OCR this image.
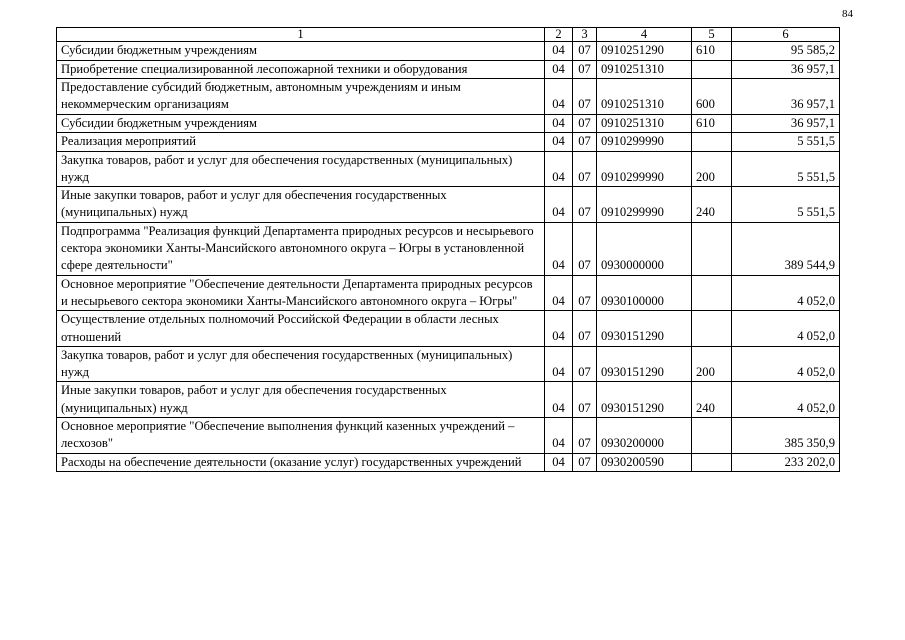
84
1	2	3	4	5	6
Субсидии бюджетным учреждениям	04	07	0910251290	610	95 585,2
Приобретение специализированной лесопожарной техники и оборудования	04	07	0910251310		36 957,1
Предоставление субсидий бюджетным, автономным учреждениям и иным некоммерческим организациям	04	07	0910251310	600	36 957,1
Субсидии бюджетным учреждениям	04	07	0910251310	610	36 957,1
Реализация мероприятий	04	07	0910299990		5 551,5
Закупка товаров, работ и услуг для обеспечения государственных (муниципальных) нужд	04	07	0910299990	200	5 551,5
Иные закупки товаров, работ и услуг для обеспечения государственных (муниципальных) нужд	04	07	0910299990	240	5 551,5
Подпрограмма "Реализация функций Департамента природных ресурсов и несырьевого сектора экономики Ханты-Мансийского автономного округа – Югры в установленной сфере деятельности"	04	07	0930000000		389 544,9
Основное мероприятие "Обеспечение деятельности Департамента природных ресурсов и несырьевого сектора экономики Ханты-Мансийского автономного округа – Югры"	04	07	0930100000		4 052,0
Осуществление отдельных полномочий Российской Федерации в области лесных отношений	04	07	0930151290		4 052,0
Закупка товаров, работ и услуг для обеспечения государственных (муниципальных) нужд	04	07	0930151290	200	4 052,0
Иные закупки товаров, работ и услуг для обеспечения государственных (муниципальных) нужд	04	07	0930151290	240	4 052,0
Основное мероприятие "Обеспечение выполнения функций казенных учреждений – лесхозов"	04	07	0930200000		385 350,9
Расходы на обеспечение деятельности (оказание услуг) государственных учреждений	04	07	0930200590		233 202,0
